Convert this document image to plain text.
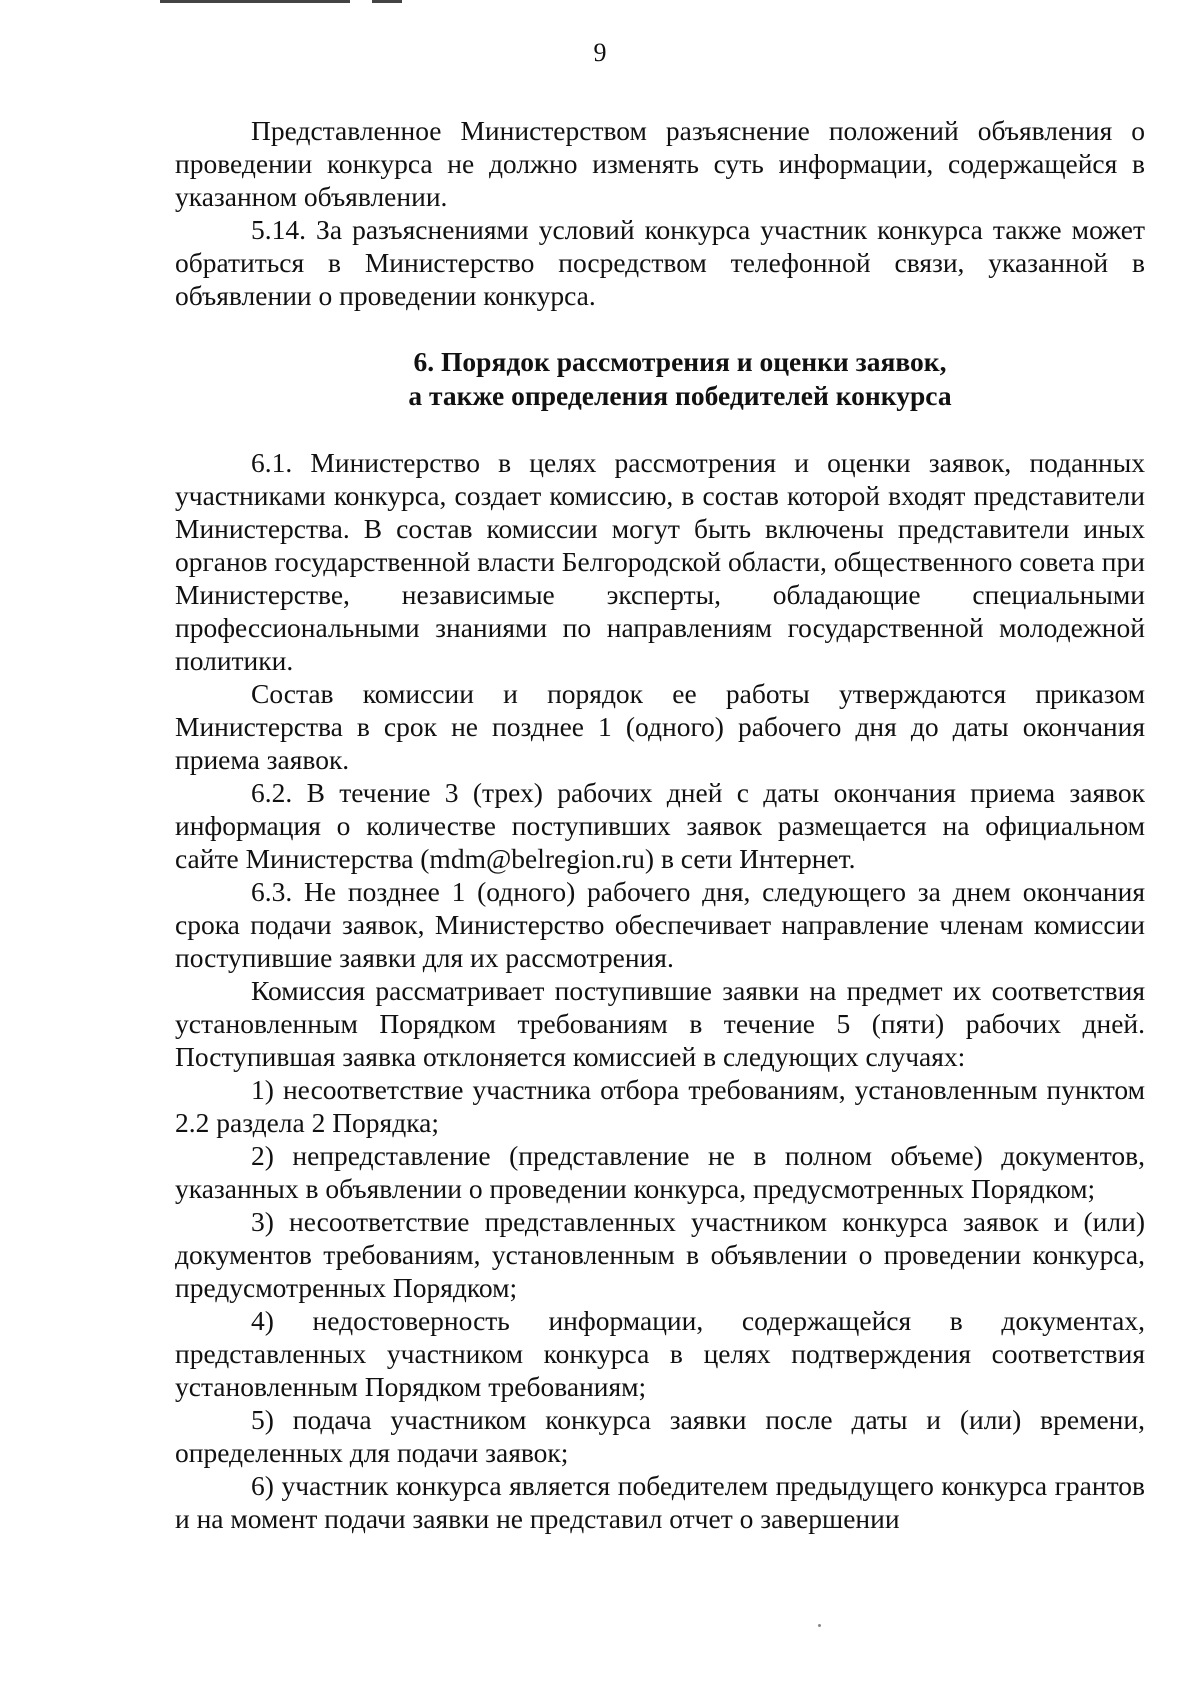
9

Представленное Министерством разъяснение положений объявления о проведении конкурса не должно изменять суть информации, содержащейся в указанном объявлении.

5.14. За разъяснениями условий конкурса участник конкурса также может обратиться в Министерство посредством телефонной связи, указанной в объявлении о проведении конкурса.

6. Порядок рассмотрения и оценки заявок,
а также определения победителей конкурса

6.1. Министерство в целях рассмотрения и оценки заявок, поданных участниками конкурса, создает комиссию, в состав которой входят представители Министерства. В состав комиссии могут быть включены представители иных органов государственной власти Белгородской области, общественного совета при Министерстве, независимые эксперты, обладающие специальными профессиональными знаниями по направлениям государственной молодежной политики.

Состав комиссии и порядок ее работы утверждаются приказом Министерства в срок не позднее 1 (одного) рабочего дня до даты окончания приема заявок.

6.2. В течение 3 (трех) рабочих дней с даты окончания приема заявок информация о количестве поступивших заявок размещается на официальном сайте Министерства (mdm@belregion.ru) в сети Интернет.

6.3. Не позднее 1 (одного) рабочего дня, следующего за днем окончания срока подачи заявок, Министерство обеспечивает направление членам комиссии поступившие заявки для их рассмотрения.

Комиссия рассматривает поступившие заявки на предмет их соответствия установленным Порядком требованиям в течение 5 (пяти) рабочих дней. Поступившая заявка отклоняется комиссией в следующих случаях:

1) несоответствие участника отбора требованиям, установленным пунктом 2.2 раздела 2 Порядка;

2) непредставление (представление не в полном объеме) документов, указанных в объявлении о проведении конкурса, предусмотренных Порядком;

3) несоответствие представленных участником конкурса заявок и (или) документов требованиям, установленным в объявлении о проведении конкурса, предусмотренных Порядком;

4) недостоверность информации, содержащейся в документах, представленных участником конкурса в целях подтверждения соответствия установленным Порядком требованиям;

5) подача участником конкурса заявки после даты и (или) времени, определенных для подачи заявок;

6) участник конкурса является победителем предыдущего конкурса грантов и на момент подачи заявки не представил отчет о завершении
